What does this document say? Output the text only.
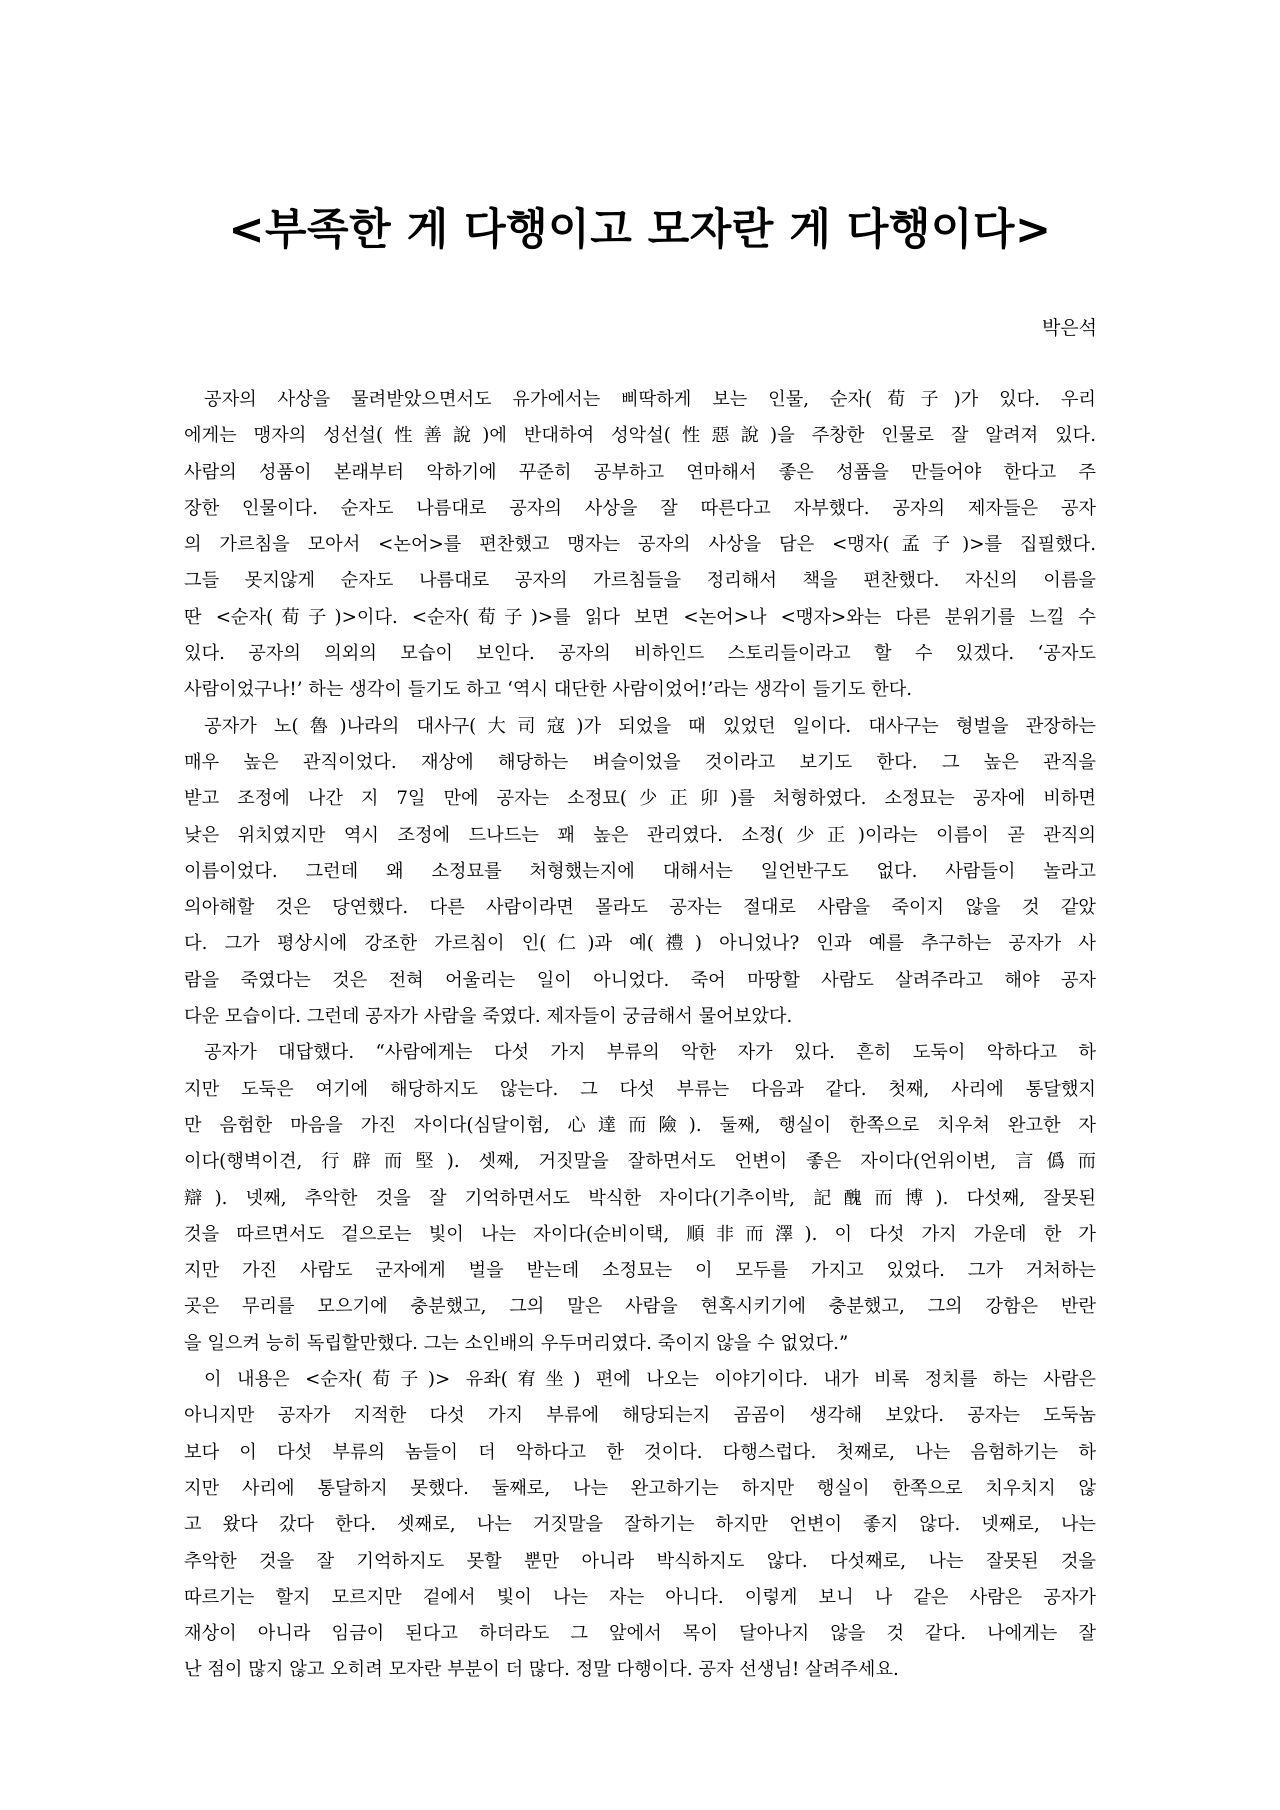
<부족한 게 다행이고 모자란 게 다행이다>
박은석
공자의 사상을 물려받았으면서도 유가에서는 삐딱하게 보는 인물, 순자(荀子)가 있다. 우리
에게는 맹자의 성선설(性善說)에 반대하여 성악설(性惡說)을 주창한 인물로 잘 알려져 있다.
사람의 성품이 본래부터 악하기에 꾸준히 공부하고 연마해서 좋은 성품을 만들어야 한다고 주
장한 인물이다. 순자도 나름대로 공자의 사상을 잘 따른다고 자부했다. 공자의 제자들은 공자
의 가르침을 모아서 <논어>를 편찬했고 맹자는 공자의 사상을 담은 <맹자(孟子)>를 집필했다.
그들 못지않게 순자도 나름대로 공자의 가르침들을 정리해서 책을 편찬했다. 자신의 이름을
딴 <순자(荀子)>이다. <순자(荀子)>를 읽다 보면 <논어>나 <맹자>와는 다른 분위기를 느낄 수
있다. 공자의 의외의 모습이 보인다. 공자의 비하인드 스토리들이라고 할 수 있겠다. ‘공자도
사람이었구나!’ 하는 생각이 들기도 하고 ‘역시 대단한 사람이었어!’라는 생각이 들기도 한다.
공자가 노(魯)나라의 대사구(大司寇)가 되었을 때 있었던 일이다. 대사구는 형벌을 관장하는
매우 높은 관직이었다. 재상에 해당하는 벼슬이었을 것이라고 보기도 한다. 그 높은 관직을
받고 조정에 나간 지 7일 만에 공자는 소정묘(少正卯)를 처형하였다. 소정묘는 공자에 비하면
낮은 위치였지만 역시 조정에 드나드는 꽤 높은 관리였다. 소정(少正)이라는 이름이 곧 관직의
이름이었다. 그런데 왜 소정묘를 처형했는지에 대해서는 일언반구도 없다. 사람들이 놀라고
의아해할 것은 당연했다. 다른 사람이라면 몰라도 공자는 절대로 사람을 죽이지 않을 것 같았
다. 그가 평상시에 강조한 가르침이 인(仁)과 예(禮) 아니었나? 인과 예를 추구하는 공자가 사
람을 죽였다는 것은 전혀 어울리는 일이 아니었다. 죽어 마땅할 사람도 살려주라고 해야 공자
다운 모습이다. 그런데 공자가 사람을 죽였다. 제자들이 궁금해서 물어보았다.
공자가 대답했다. “사람에게는 다섯 가지 부류의 악한 자가 있다. 흔히 도둑이 악하다고 하
지만 도둑은 여기에 해당하지도 않는다. 그 다섯 부류는 다음과 같다. 첫째, 사리에 통달했지
만 음험한 마음을 가진 자이다(심달이험, 心達而險). 둘째, 행실이 한쪽으로 치우쳐 완고한 자
이다(행벽이견, 行辟而堅). 셋째, 거짓말을 잘하면서도 언변이 좋은 자이다(언위이변, 言僞而
辯). 넷째, 추악한 것을 잘 기억하면서도 박식한 자이다(기추이박, 記醜而博). 다섯째, 잘못된
것을 따르면서도 겉으로는 빛이 나는 자이다(순비이택, 順非而澤). 이 다섯 가지 가운데 한 가
지만 가진 사람도 군자에게 벌을 받는데 소정묘는 이 모두를 가지고 있었다. 그가 거처하는
곳은 무리를 모으기에 충분했고, 그의 말은 사람을 현혹시키기에 충분했고, 그의 강함은 반란
을 일으켜 능히 독립할만했다. 그는 소인배의 우두머리였다. 죽이지 않을 수 없었다.”
이 내용은 <순자(荀子)> 유좌(宥坐) 편에 나오는 이야기이다. 내가 비록 정치를 하는 사람은
아니지만 공자가 지적한 다섯 가지 부류에 해당되는지 곰곰이 생각해 보았다. 공자는 도둑놈
보다 이 다섯 부류의 놈들이 더 악하다고 한 것이다. 다행스럽다. 첫째로, 나는 음험하기는 하
지만 사리에 통달하지 못했다. 둘째로, 나는 완고하기는 하지만 행실이 한쪽으로 치우치지 않
고 왔다 갔다 한다. 셋째로, 나는 거짓말을 잘하기는 하지만 언변이 좋지 않다. 넷째로, 나는
추악한 것을 잘 기억하지도 못할 뿐만 아니라 박식하지도 않다. 다섯째로, 나는 잘못된 것을
따르기는 할지 모르지만 겉에서 빛이 나는 자는 아니다. 이렇게 보니 나 같은 사람은 공자가
재상이 아니라 임금이 된다고 하더라도 그 앞에서 목이 달아나지 않을 것 같다. 나에게는 잘
난 점이 많지 않고 오히려 모자란 부분이 더 많다. 정말 다행이다. 공자 선생님! 살려주세요.
